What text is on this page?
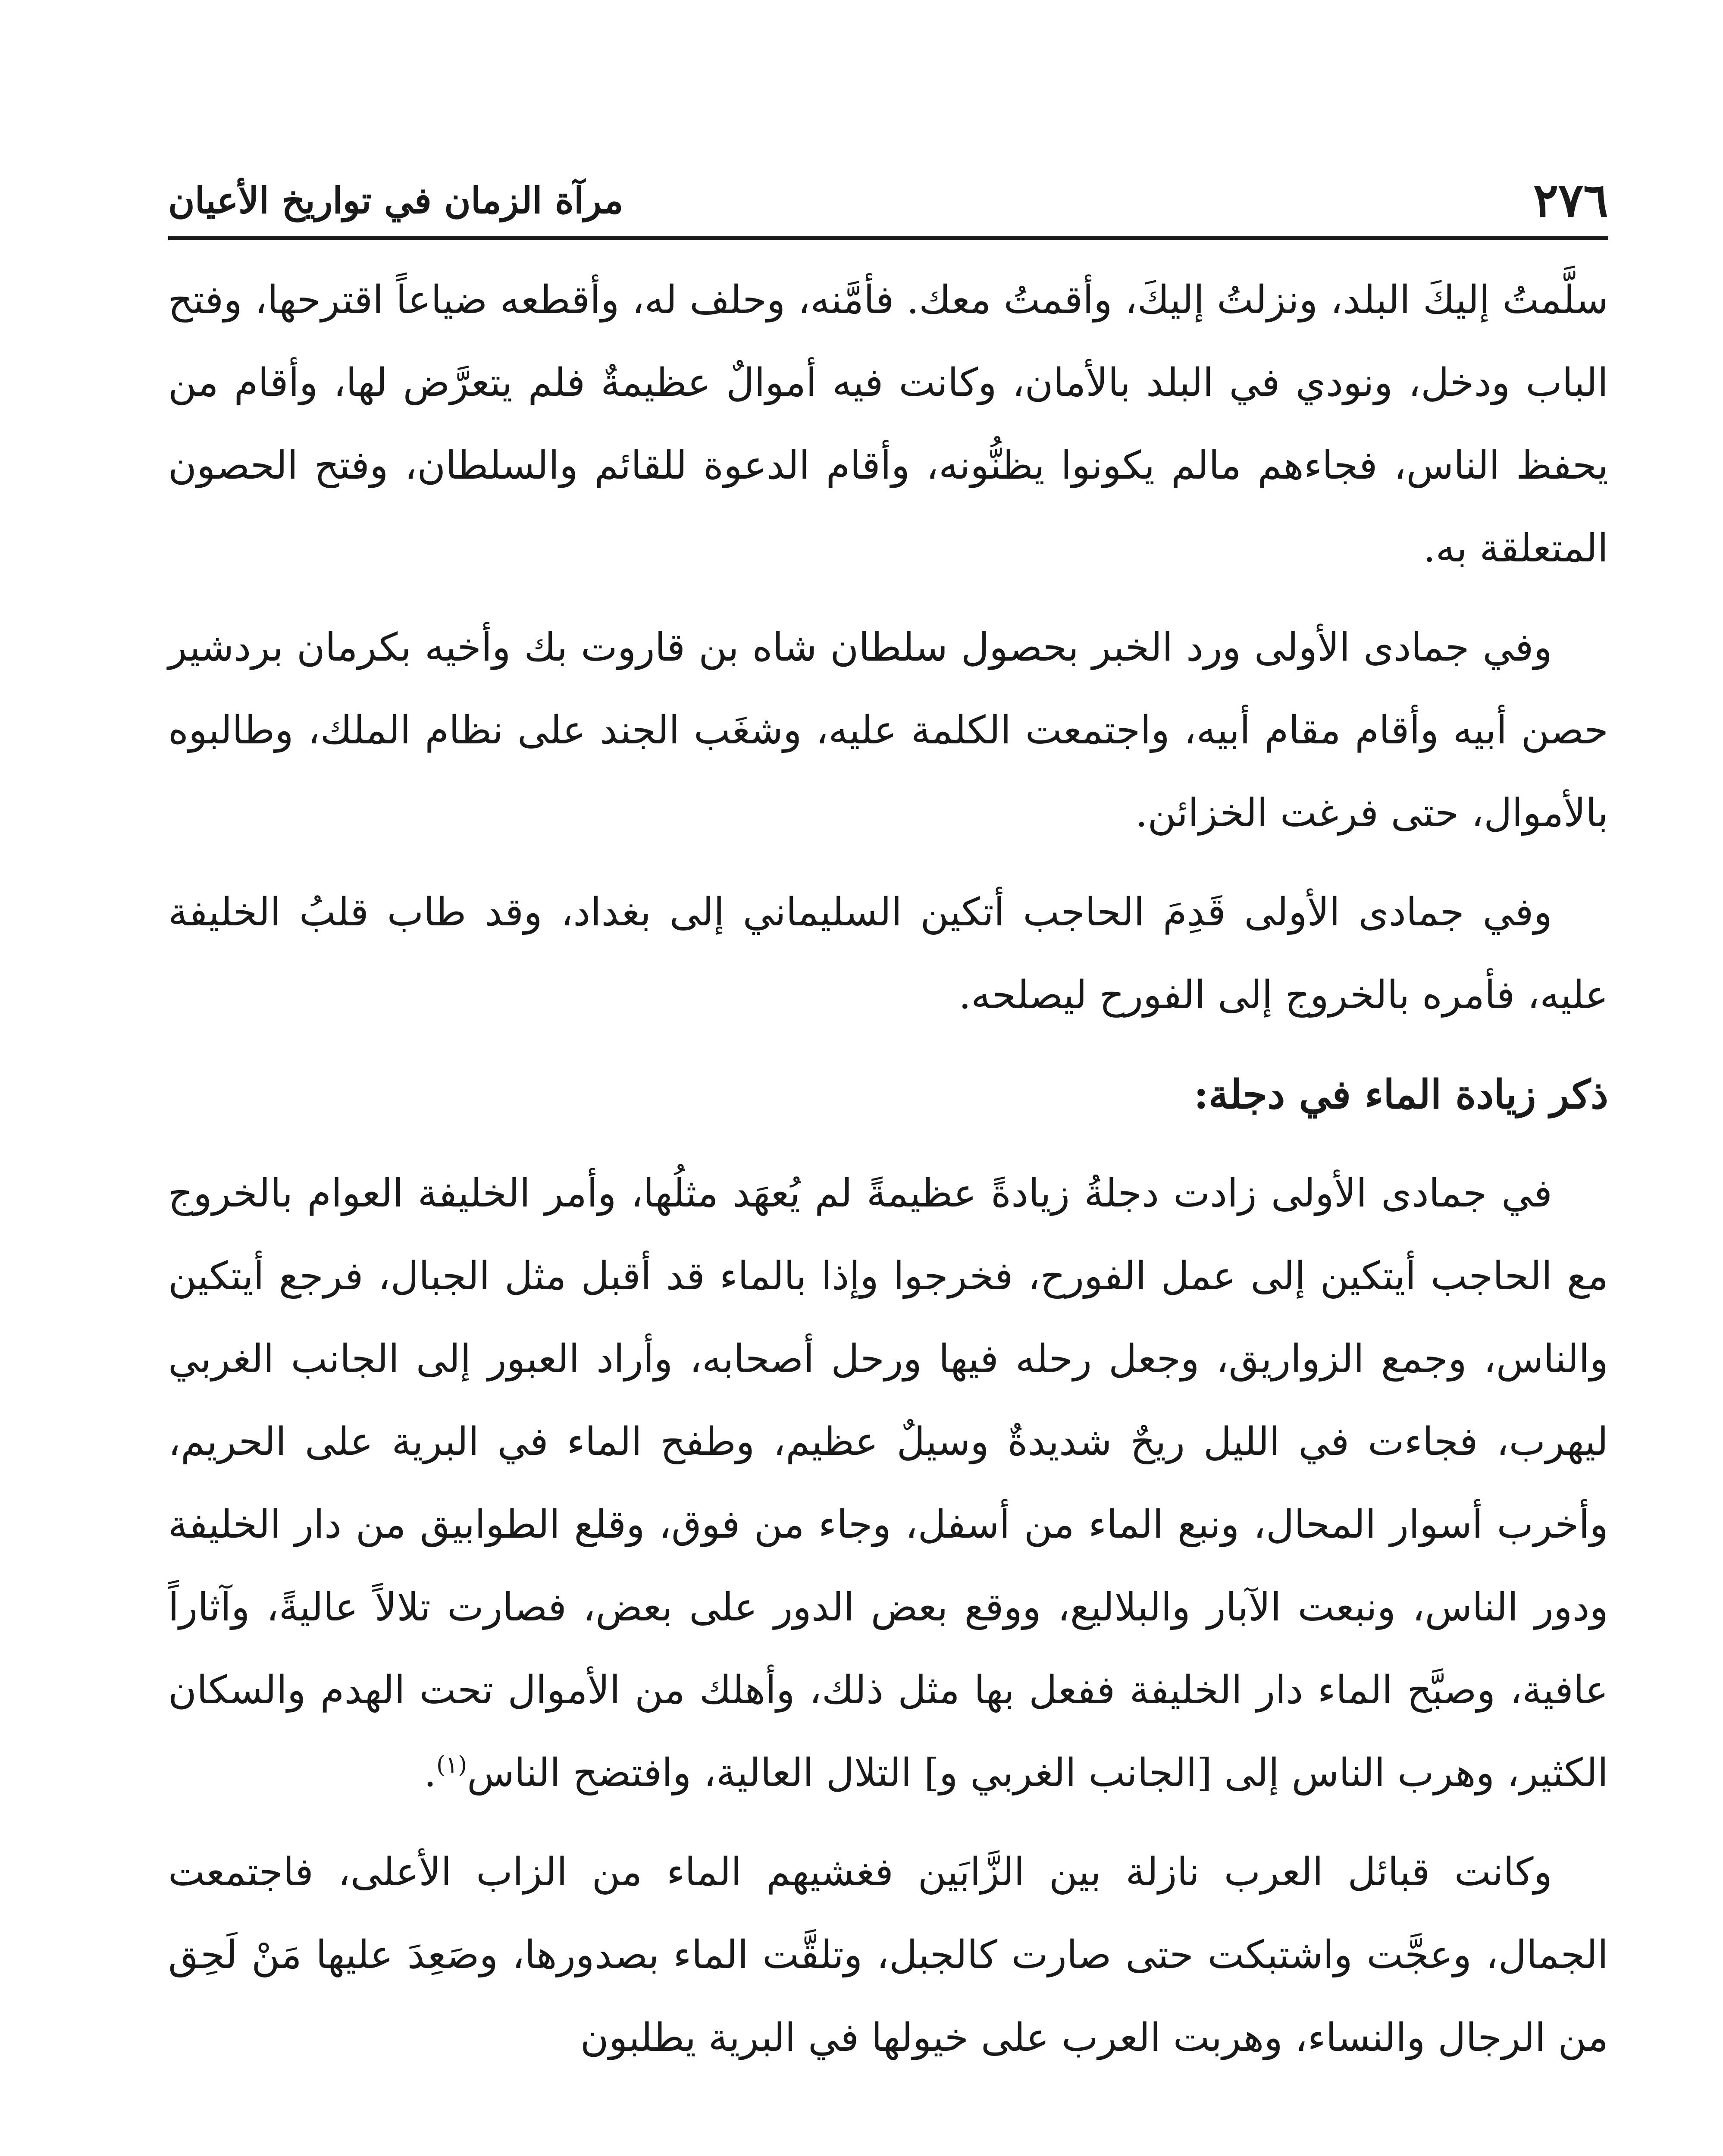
٢٧٦
مرآة الزمان في تواريخ الأعيان

سلَّمتُ إليكَ البلد، ونزلتُ إليكَ، وأقمتُ معك. فأمَّنه، وحلف له، وأقطعه ضياعاً اقترحها، وفتح الباب ودخل، ونودي في البلد بالأمان، وكانت فيه أموالٌ عظيمةٌ فلم يتعرَّض لها، وأقام من يحفظ الناس، فجاءهم مالم يكونوا يظنُّونه، وأقام الدعوة للقائم والسلطان، وفتح الحصون المتعلقة به.

وفي جمادى الأولى ورد الخبر بحصول سلطان شاه بن قاروت بك وأخيه بكرمان بردشير حصن أبيه وأقام مقام أبيه، واجتمعت الكلمة عليه، وشغَب الجند على نظام الملك، وطالبوه بالأموال، حتى فرغت الخزائن.

وفي جمادى الأولى قَدِمَ الحاجب أتكين السليماني إلى بغداد، وقد طاب قلبُ الخليفة عليه، فأمره بالخروج إلى الفورح ليصلحه.

ذكر زيادة الماء في دجلة:

في جمادى الأولى زادت دجلةُ زيادةً عظيمةً لم يُعهَد مثلُها، وأمر الخليفة العوام بالخروج مع الحاجب أيتكين إلى عمل الفورح، فخرجوا وإذا بالماء قد أقبل مثل الجبال، فرجع أيتكين والناس، وجمع الزواريق، وجعل رحله فيها ورحل أصحابه، وأراد العبور إلى الجانب الغربي ليهرب، فجاءت في الليل ريحٌ شديدةٌ وسيلٌ عظيم، وطفح الماء في البرية على الحريم، وأخرب أسوار المحال، ونبع الماء من أسفل، وجاء من فوق، وقلع الطوابيق من دار الخليفة ودور الناس، ونبعت الآبار والبلاليع، ووقع بعض الدور على بعض، فصارت تلالاً عاليةً، وآثاراً عافية، وصبَّح الماء دار الخليفة ففعل بها مثل ذلك، وأهلك من الأموال تحت الهدم والسكان الكثير، وهرب الناس إلى [الجانب الغربي و] التلال العالية، وافتضح الناس$^{(١)}$.

وكانت قبائل العرب نازلة بين الزَّابَين فغشيهم الماء من الزاب الأعلى، فاجتمعت الجمال، وعجَّت واشتبكت حتى صارت كالجبل، وتلقَّت الماء بصدورها، وصَعِدَ عليها مَنْ لَحِق من الرجال والنساء، وهربت العرب على خيولها في البرية يطلبون
